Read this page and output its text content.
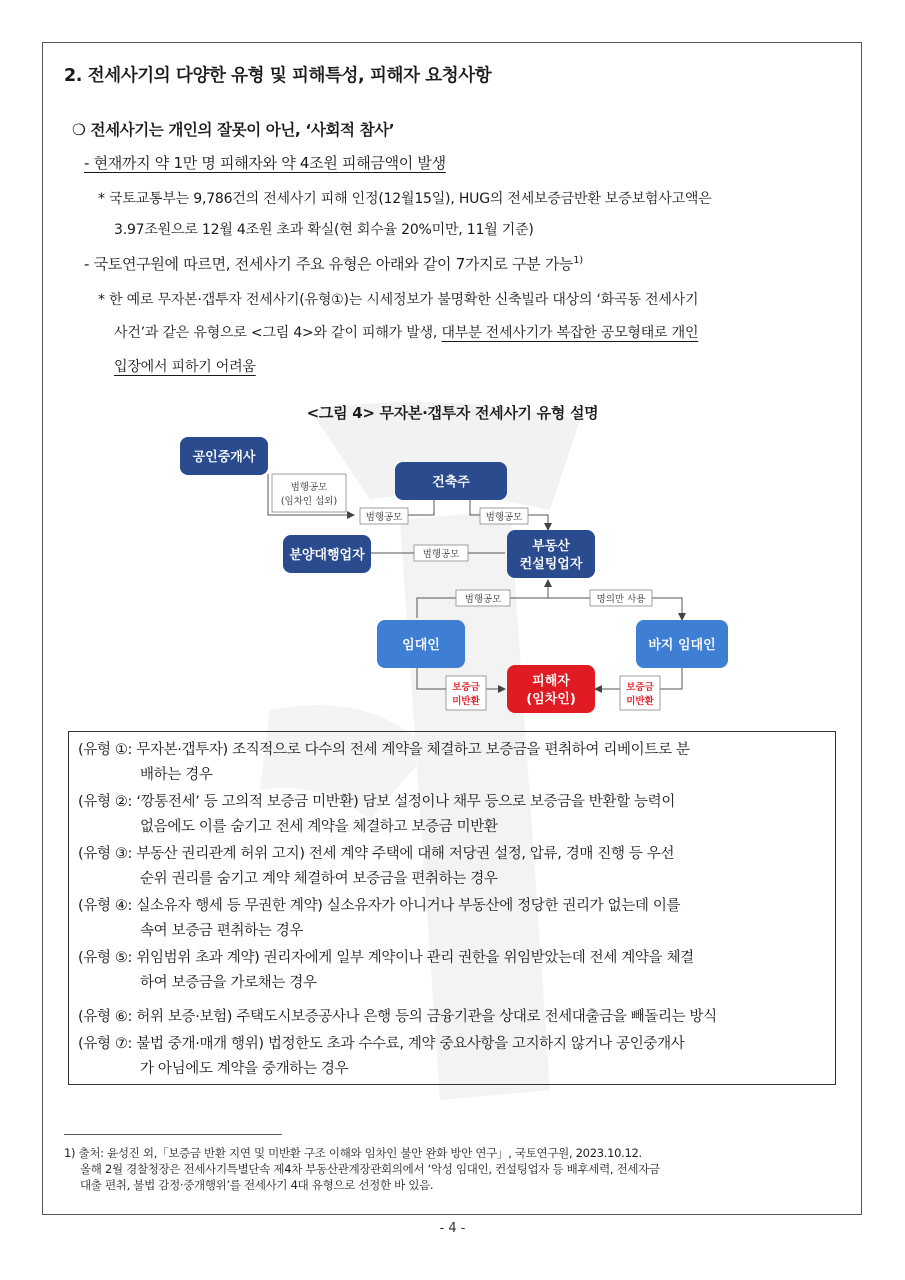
2. 전세사기의 다양한 유형 및 피해특성, 피해자 요청사항
❍ 전세사기는 개인의 잘못이 아닌, ‘사회적 참사’
- 현재까지 약 1만 명 피해자와 약 4조원 피해금액이 발생
* 국토교통부는 9,786건의 전세사기 피해 인정(12월15일), HUG의 전세보증금반환 보증보험사고액은
3.97조원으로 12월 4조원 초과 확실(현 회수율 20%미만, 11월 기준)
- 국토연구원에 따르면, 전세사기 주요 유형은 아래와 같이 7가지로 구분 가능$^{1)}$
* 한 예로 무자본·갭투자 전세사기(유형①)는 시세정보가 불명확한 신축빌라 대상의 ‘화곡동 전세사기
사건’과 같은 유형으로 <그림 4>와 같이 피해가 발생, 대부분 전세사기가 복잡한 공모형태로 개인
입장에서 피하기 어려움
<그림 4> 무자본·갭투자 전세사기 유형 설명
공인중개사
건축주
분양대행업자
부동산
컨설팅업자
임대인	바지 임대인
피해자
(임차인)
범행공모
(임차인 섭외)
범행공모	범행공모
범행공모
범행공모	명의만 사용
보증금
미반환
보증금
미반환
(유형 ①: 무자본·갭투자) 조직적으로 다수의 전세 계약을 체결하고 보증금을 편취하여 리베이트로 분
배하는 경우
(유형 ②: ‘깡통전세’ 등 고의적 보증금 미반환) 담보 설정이나 채무 등으로 보증금을 반환할 능력이
없음에도 이를 숨기고 전세 계약을 체결하고 보증금 미반환
(유형 ③: 부동산 권리관계 허위 고지) 전세 계약 주택에 대해 저당권 설정, 압류, 경매 진행 등 우선
순위 권리를 숨기고 계약 체결하여 보증금을 편취하는 경우
(유형 ④: 실소유자 행세 등 무권한 계약) 실소유자가 아니거나 부동산에 정당한 권리가 없는데 이를
속여 보증금 편취하는 경우
(유형 ⑤: 위임범위 초과 계약) 권리자에게 일부 계약이나 관리 권한을 위임받았는데 전세 계약을 체결
하여 보증금을 가로채는 경우
(유형 ⑥: 허위 보증·보험) 주택도시보증공사나 은행 등의 금융기관을 상대로 전세대출금을 빼돌리는 방식
(유형 ⑦: 불법 중개·매개 행위) 법정한도 초과 수수료, 계약 중요사항을 고지하지 않거나 공인중개사
가 아님에도 계약을 중개하는 경우
1) 출처: 윤성진 외,「보증금 반환 지연 및 미반환 구조 이해와 임차인 불안 완화 방안 연구」, 국토연구원, 2023.10.12.
올해 2월 경찰청장은 전세사기특별단속 제4차 부동산관계장관회의에서 ‘악성 임대인, 컨설팅업자 등 배후세력, 전세자금
대출 편취, 불법 감정·중개행위’를 전세사기 4대 유형으로 선정한 바 있음.
- 4 -
